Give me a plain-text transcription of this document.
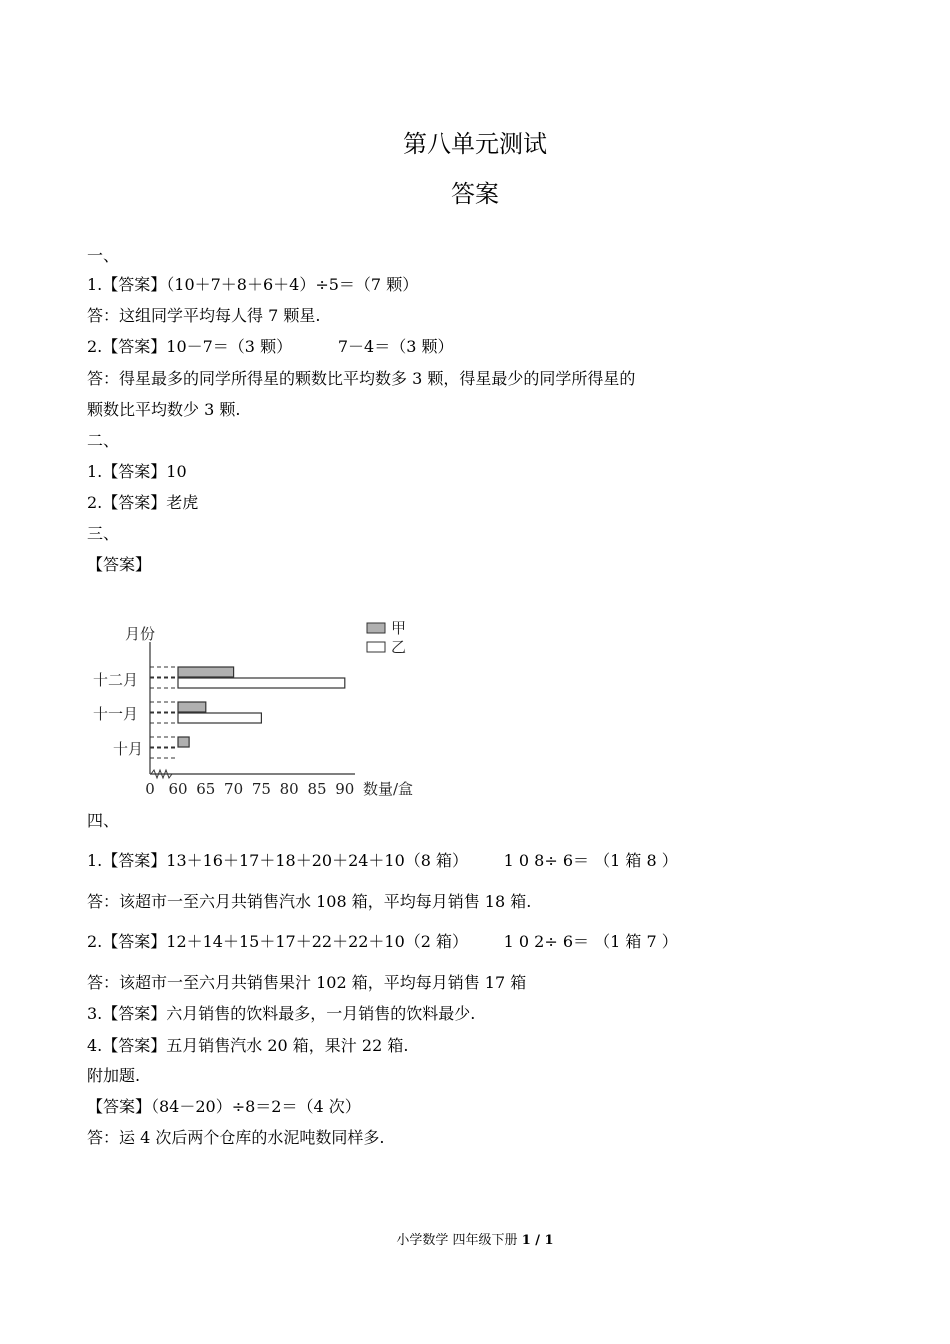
第八单元测试
答案
一、
1.【答案】（10＋7＋8＋6＋4）÷5＝（7 颗）
答：这组同学平均每人得 7 颗星.
2.【答案】10－7＝（3 颗）         7－4＝（3 颗）
答：得星最多的同学所得星的颗数比平均数多 3 颗，得星最少的同学所得星的
颗数比平均数少 3 颗.
二、
1.【答案】10
2.【答案】老虎
三、
【答案】
月份
数量/盒
甲
乙
十二月
十一月
十月
0 60 65 70 75 80 85 90
四、
1.【答案】13＋16＋17＋18＋20＋24＋10（8 箱）       1 0 8÷ 6＝ （1 箱 8 ）
答：该超市一至六月共销售汽水 108 箱，平均每月销售 18 箱.
2.【答案】12＋14＋15＋17＋22＋22＋10（2 箱）       1 0 2÷ 6＝ （1 箱 7 ）
答：该超市一至六月共销售果汁 102 箱，平均每月销售 17 箱
3.【答案】六月销售的饮料最多，一月销售的饮料最少.
4.【答案】五月销售汽水 20 箱，果汁 22 箱.
附加题.
【答案】（84－20）÷8＝2＝（4 次）
答：运 4 次后两个仓库的水泥吨数同样多.
小学数学 四年级下册 1 / 1
